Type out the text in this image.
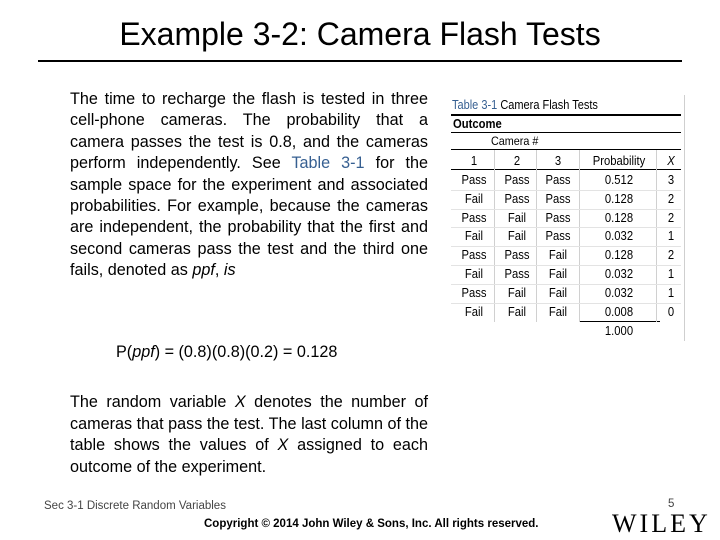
Example 3-2: Camera Flash Tests
The time to recharge the flash is tested in three cell-phone cameras. The probability that a camera passes the test is 0.8, and the cameras perform independently. See Table 3-1 for the sample space for the experiment and associated probabilities. For example, because the cameras are independent, the probability that the first and second cameras pass the test and the third one fails, denoted as ppf, is
P(ppf) = (0.8)(0.8)(0.2) = 0.128
The random variable X denotes the number of cameras that pass the test. The last column of the table shows the values of X assigned to each outcome of the experiment.
Table 3-1 Camera Flash Tests
Outcome
Camera #
1	2	3	Probability	X
Pass	Pass	Pass	0.512	3
Fail	Pass	Pass	0.128	2
Pass	Fail	Pass	0.128	2
Fail	Fail	Pass	0.032	1
Pass	Pass	Fail	0.128	2
Fail	Pass	Fail	0.032	1
Pass	Fail	Fail	0.032	1
Fail	Fail	Fail	0.008	0
1.000
Sec 3-1 Discrete Random Variables	5
Copyright © 2014 John Wiley & Sons, Inc. All rights reserved.	WILEY
